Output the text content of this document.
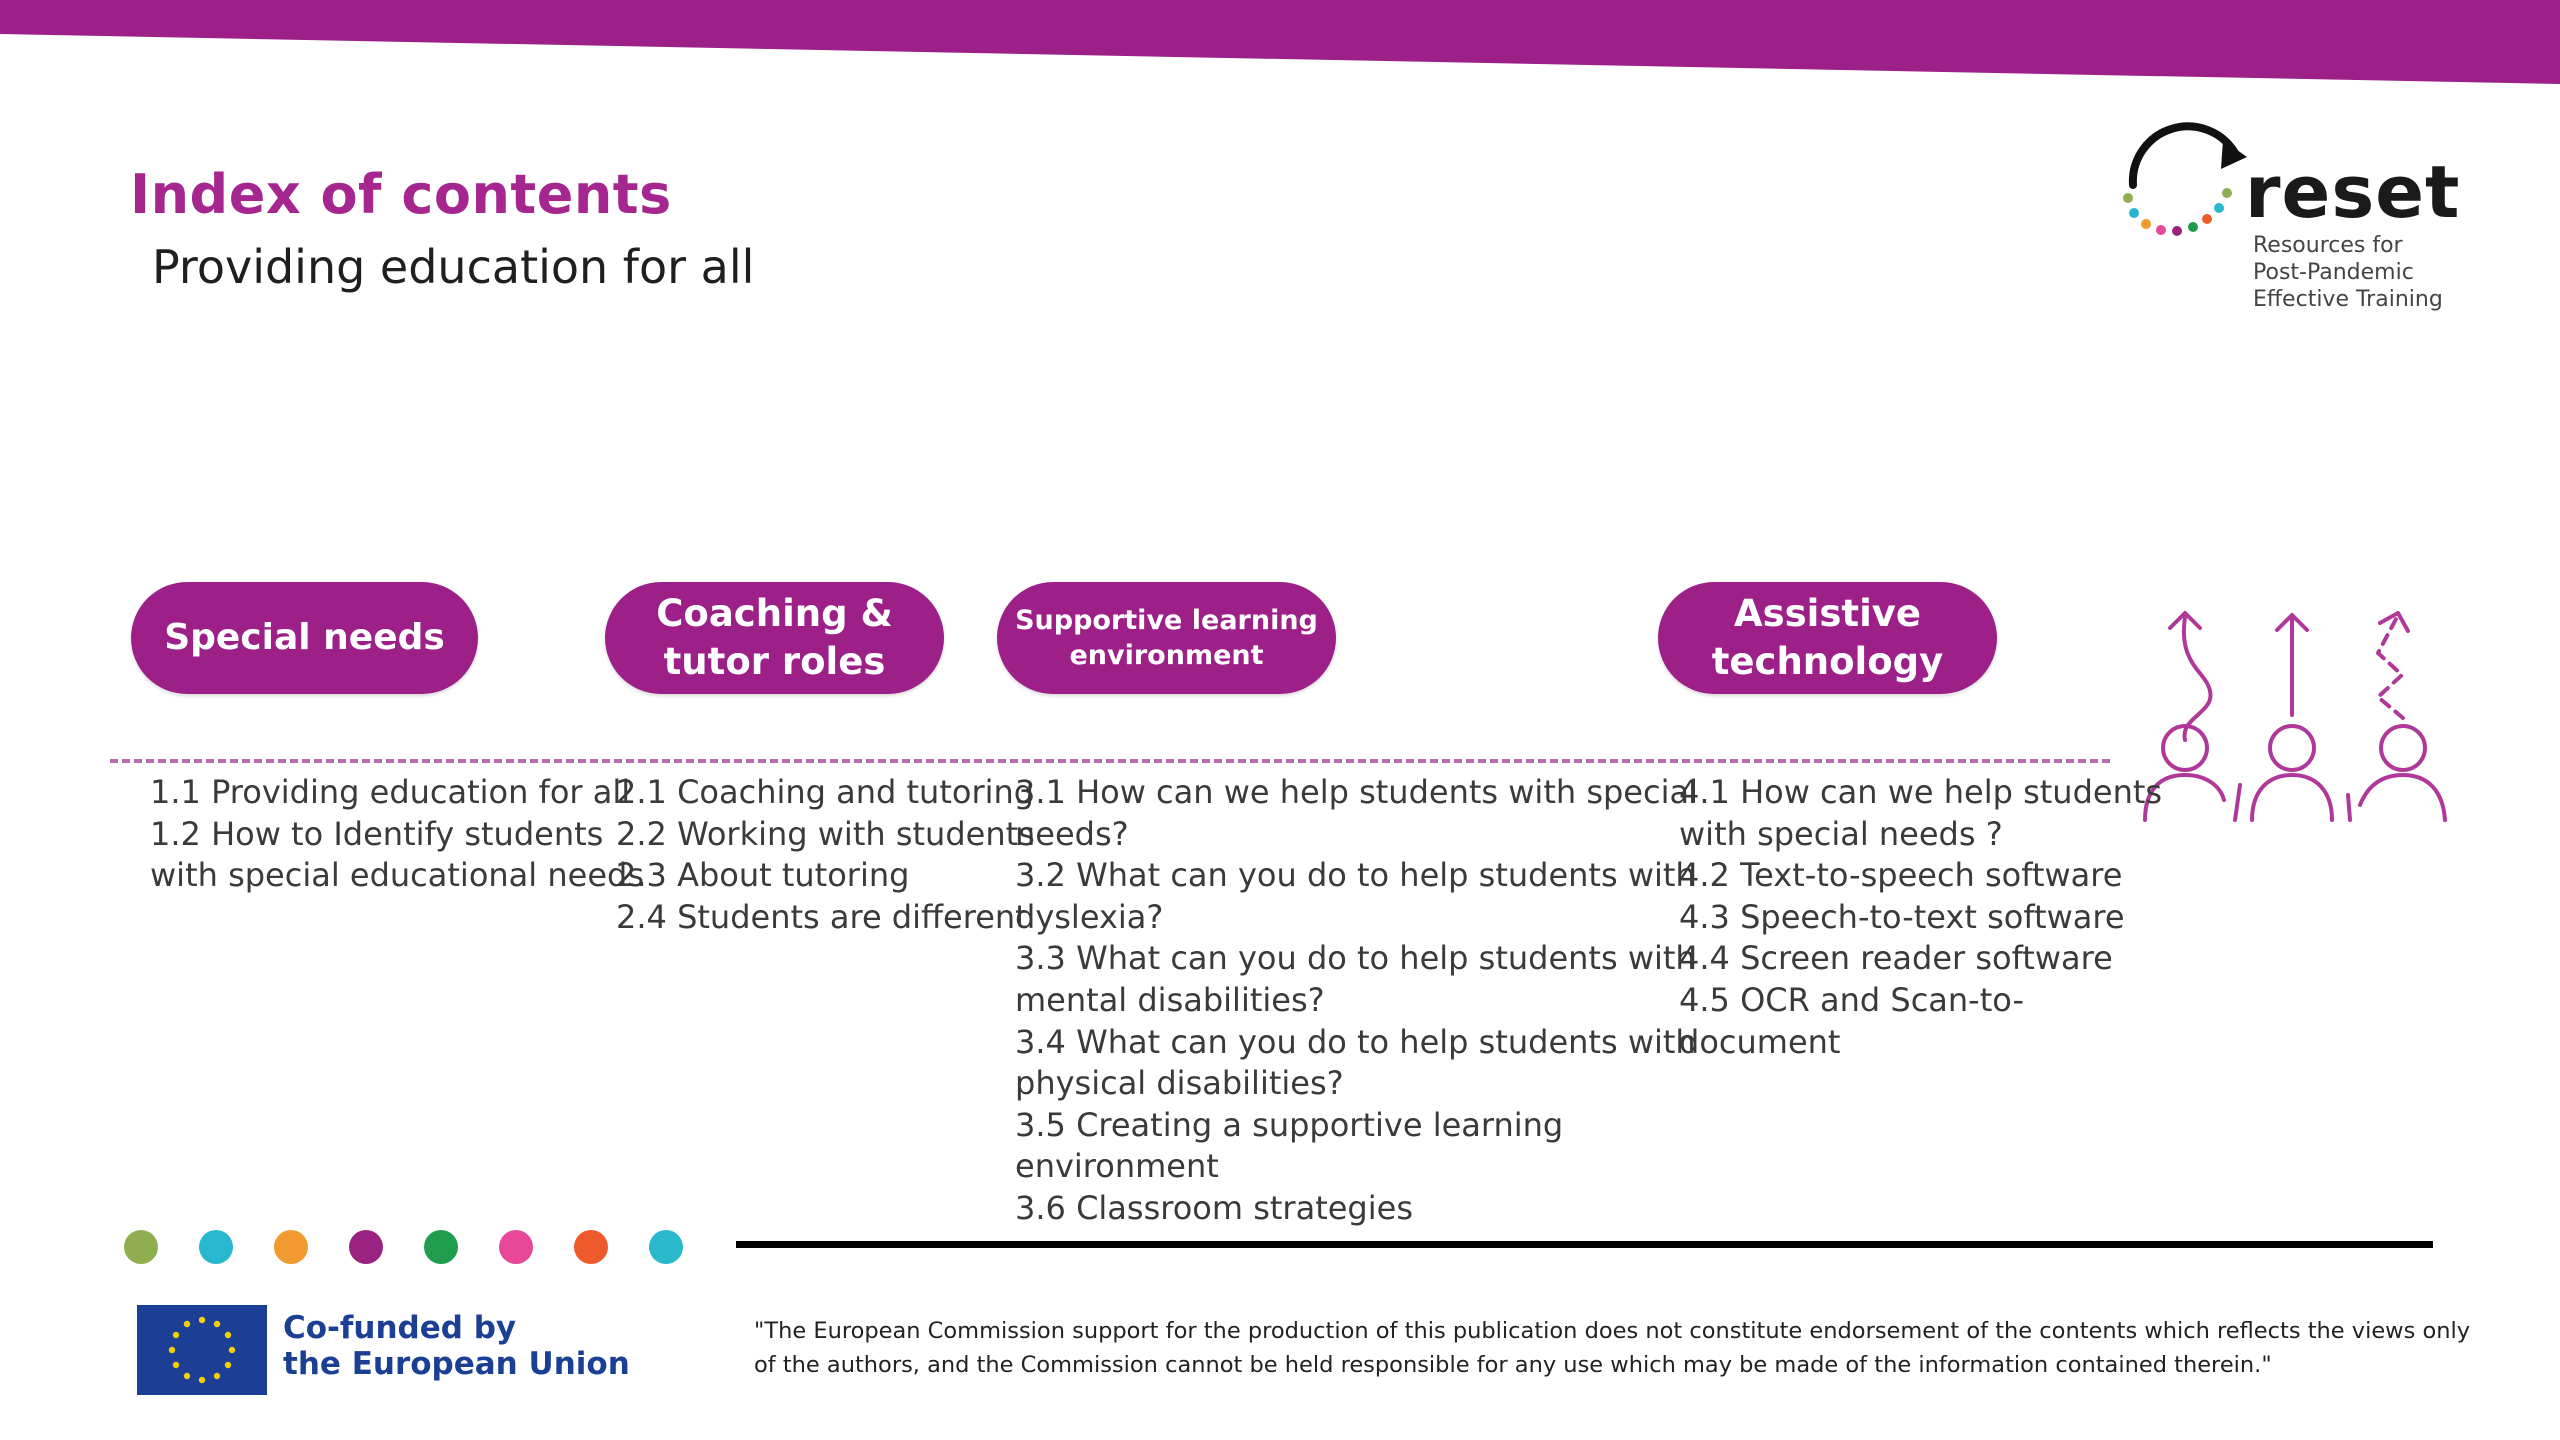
Index of contents
Providing education for all
reset
Resources for
Post-Pandemic
Effective Training
Special needs
Coaching &
tutor roles
Supportive learning
environment
Assistive
technology
1.1 Providing education for all
1.2 How to Identify students
with special educational needs
2.1 Coaching and tutoring
2.2 Working with students
2.3 About tutoring
2.4 Students are different
3.1 How can we help students with special
needs?
3.2 What can you do to help students with
dyslexia?
3.3 What can you do to help students with
mental disabilities?
3.4 What can you do to help students with
physical disabilities?
3.5 Creating a supportive learning
environment
3.6 Classroom strategies
4.1 How can we help students
with special needs ?
4.2 Text-to-speech software
4.3 Speech-to-text software
4.4 Screen reader software
4.5 OCR and Scan-to-
document
Co-funded by
the European Union
"The European Commission support for the production of this publication does not constitute endorsement of the contents which reflects the views only
of the authors, and the Commission cannot be held responsible for any use which may be made of the information contained therein."
